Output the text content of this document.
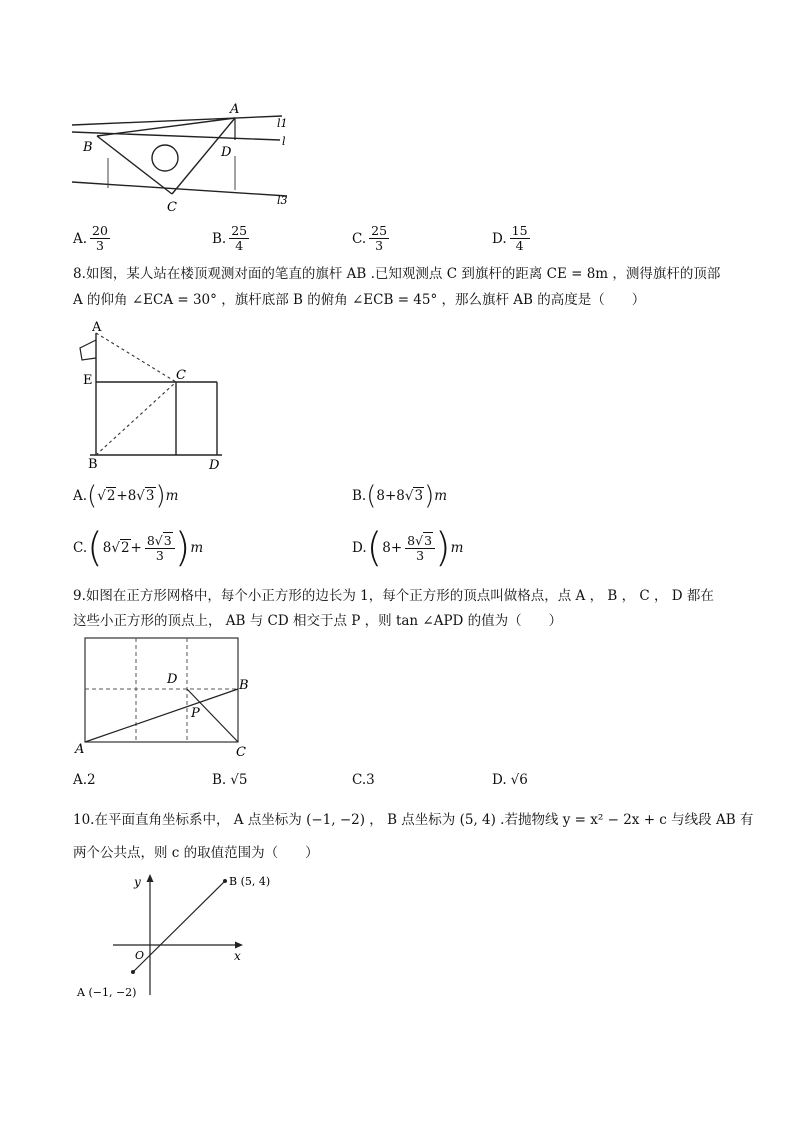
A
B
C
D
l1
l
l3
A. $\frac{20}{3}$	B. $\frac{25}{4}$	C. $\frac{25}{3}$	D. $\frac{15}{4}$
8.如图，某人站在楼顶观测对面的笔直的旗杆 AB .已知观测点 C 到旗杆的距离 CE = 8m ，测得旗杆的顶部
A 的仰角 ∠ECA = 30° ，旗杆底部 B 的俯角 ∠ECB = 45° ，那么旗杆 AB 的高度是（　　）
A
E	C
B	D
A. ( √2+8√3 ) m	B. ( 8+8√3 ) m
C. ( $8√2+ \frac{8√3}{3}$ ) m	D. ( $8+ \frac{8√3}{3}$ ) m
9.如图在正方形网格中，每个小正方形的边长为 1，每个正方形的顶点叫做格点，点 A ， B ， C ， D 都在
这些小正方形的顶点上， AB 与 CD 相交于点 P ，则 tan ∠APD 的值为（　　）
D	B
P
A	C
A. 2	B. √5	C. 3	D. √6
10.在平面直角坐标系中， A 点坐标为 (−1, −2) ， B 点坐标为 (5, 4) .若抛物线 y = x² − 2x + c 与线段 AB 有
两个公共点，则 c 的取值范围为（　　）
y
x
O
B (5, 4)
A (−1, −2)
